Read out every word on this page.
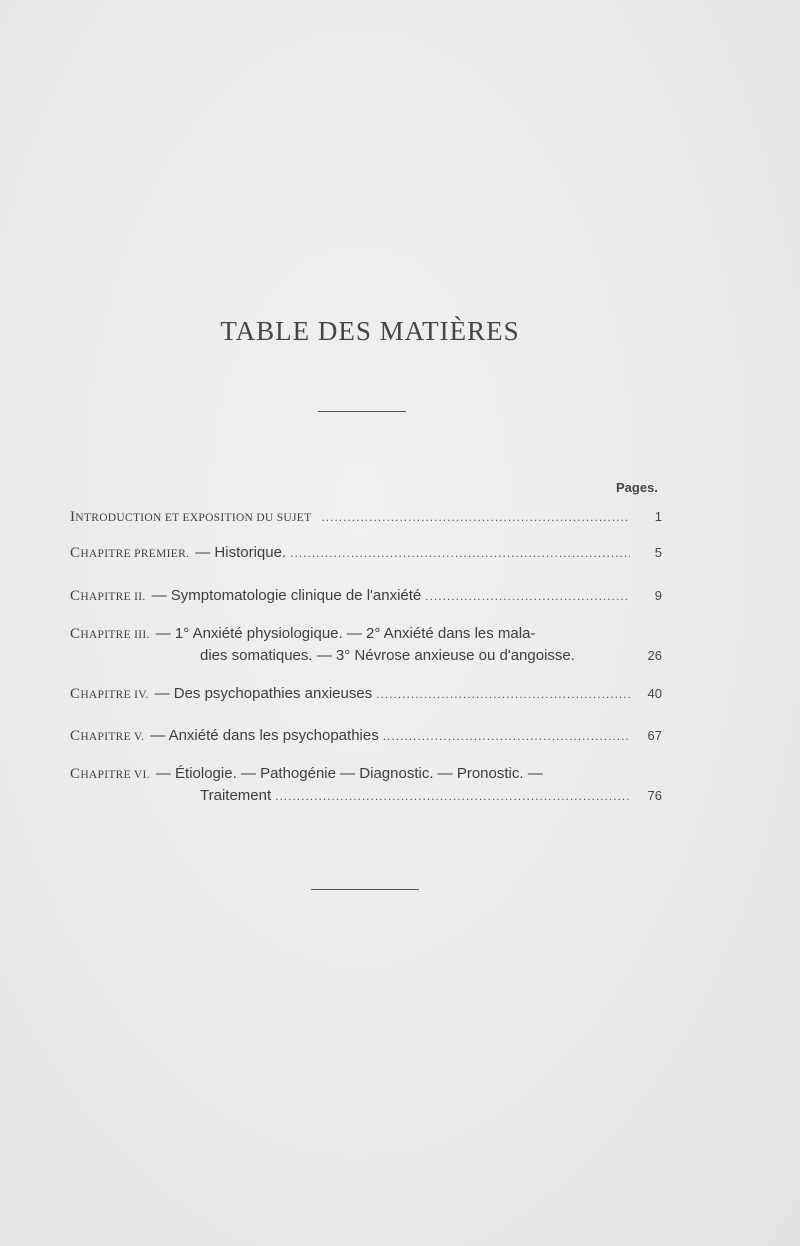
TABLE DES MATIÈRES
Pages.
INTRODUCTION ET EXPOSITION DU SUJET .....	1
CHAPITRE PREMIER. — Historique. .....	5
CHAPITRE II. — Symptomatologie clinique de l'anxiété .....	9
CHAPITRE III. — 1° Anxiété physiologique. — 2° Anxiété dans les mala-
dies somatiques. — 3° Névrose anxieuse ou d'angoisse.	26
CHAPITRE IV. — Des psychopathies anxieuses .....	40
CHAPITRE V. — Anxiété dans les psychopathies .....	67
CHAPITRE VI. — Étiologie. — Pathogénie — Diagnostic. — Pronostic. —
Traitement .....	76
